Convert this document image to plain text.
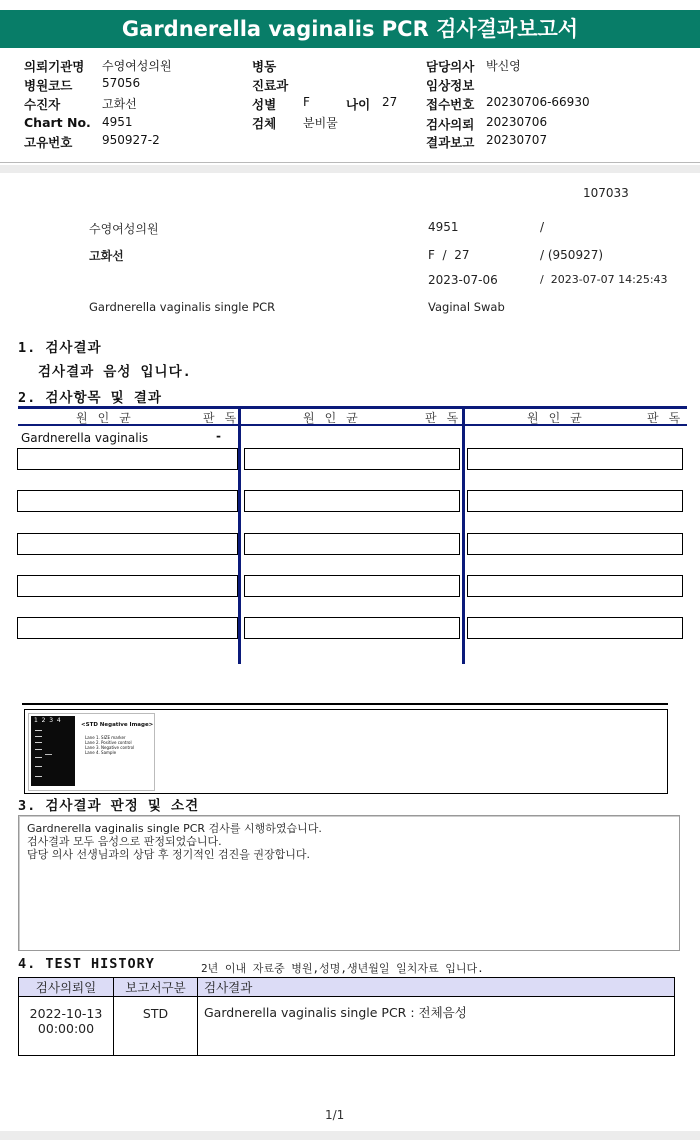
Gardnerella vaginalis PCR 검사결과보고서
의뢰기관명 수영여성의원
병원코드 57056
수진자	고화선
Chart No. 4951
고유번호 950927-2
병동
진료과
성별 F	나이 27
검체 분비물
담당의사 박신영
임상정보
접수번호 20230706-66930
검사의뢰 20230706
결과보고 20230707
107033
수영여성의원	4951	/
고화선	F  /  27	/ (950927)
2023-07-06	/  2023-07-07 14:25:43
Gardnerella vaginalis single PCR	Vaginal Swab
1. 검사결과
검사결과 음성 입니다.
2. 검사항목 및 결과
원인균	판독	원인균	판독	원인균	판독
Gardnerella vaginalis	-
1  2  3  4
<STD Negative Image>
Lane 1. SIZE marker
Lane 2. Positive control
Lane 3. Negative control
Lane 4. Sample
3. 검사결과 판정 및 소견
Gardnerella vaginalis single PCR 검사를 시행하였습니다.
검사결과 모두 음성으로 판정되었습니다.
담당 의사 선생님과의 상담 후 정기적인 검진을 권장합니다.
4. TEST HISTORY	2년 이내 자료중 병원,성명,생년월일 일치자료 입니다.
검사의뢰일	보고서구분	검사결과

2022-10-13
00:00:00	STD	Gardnerella vaginalis single PCR : 전체음성
1/1
